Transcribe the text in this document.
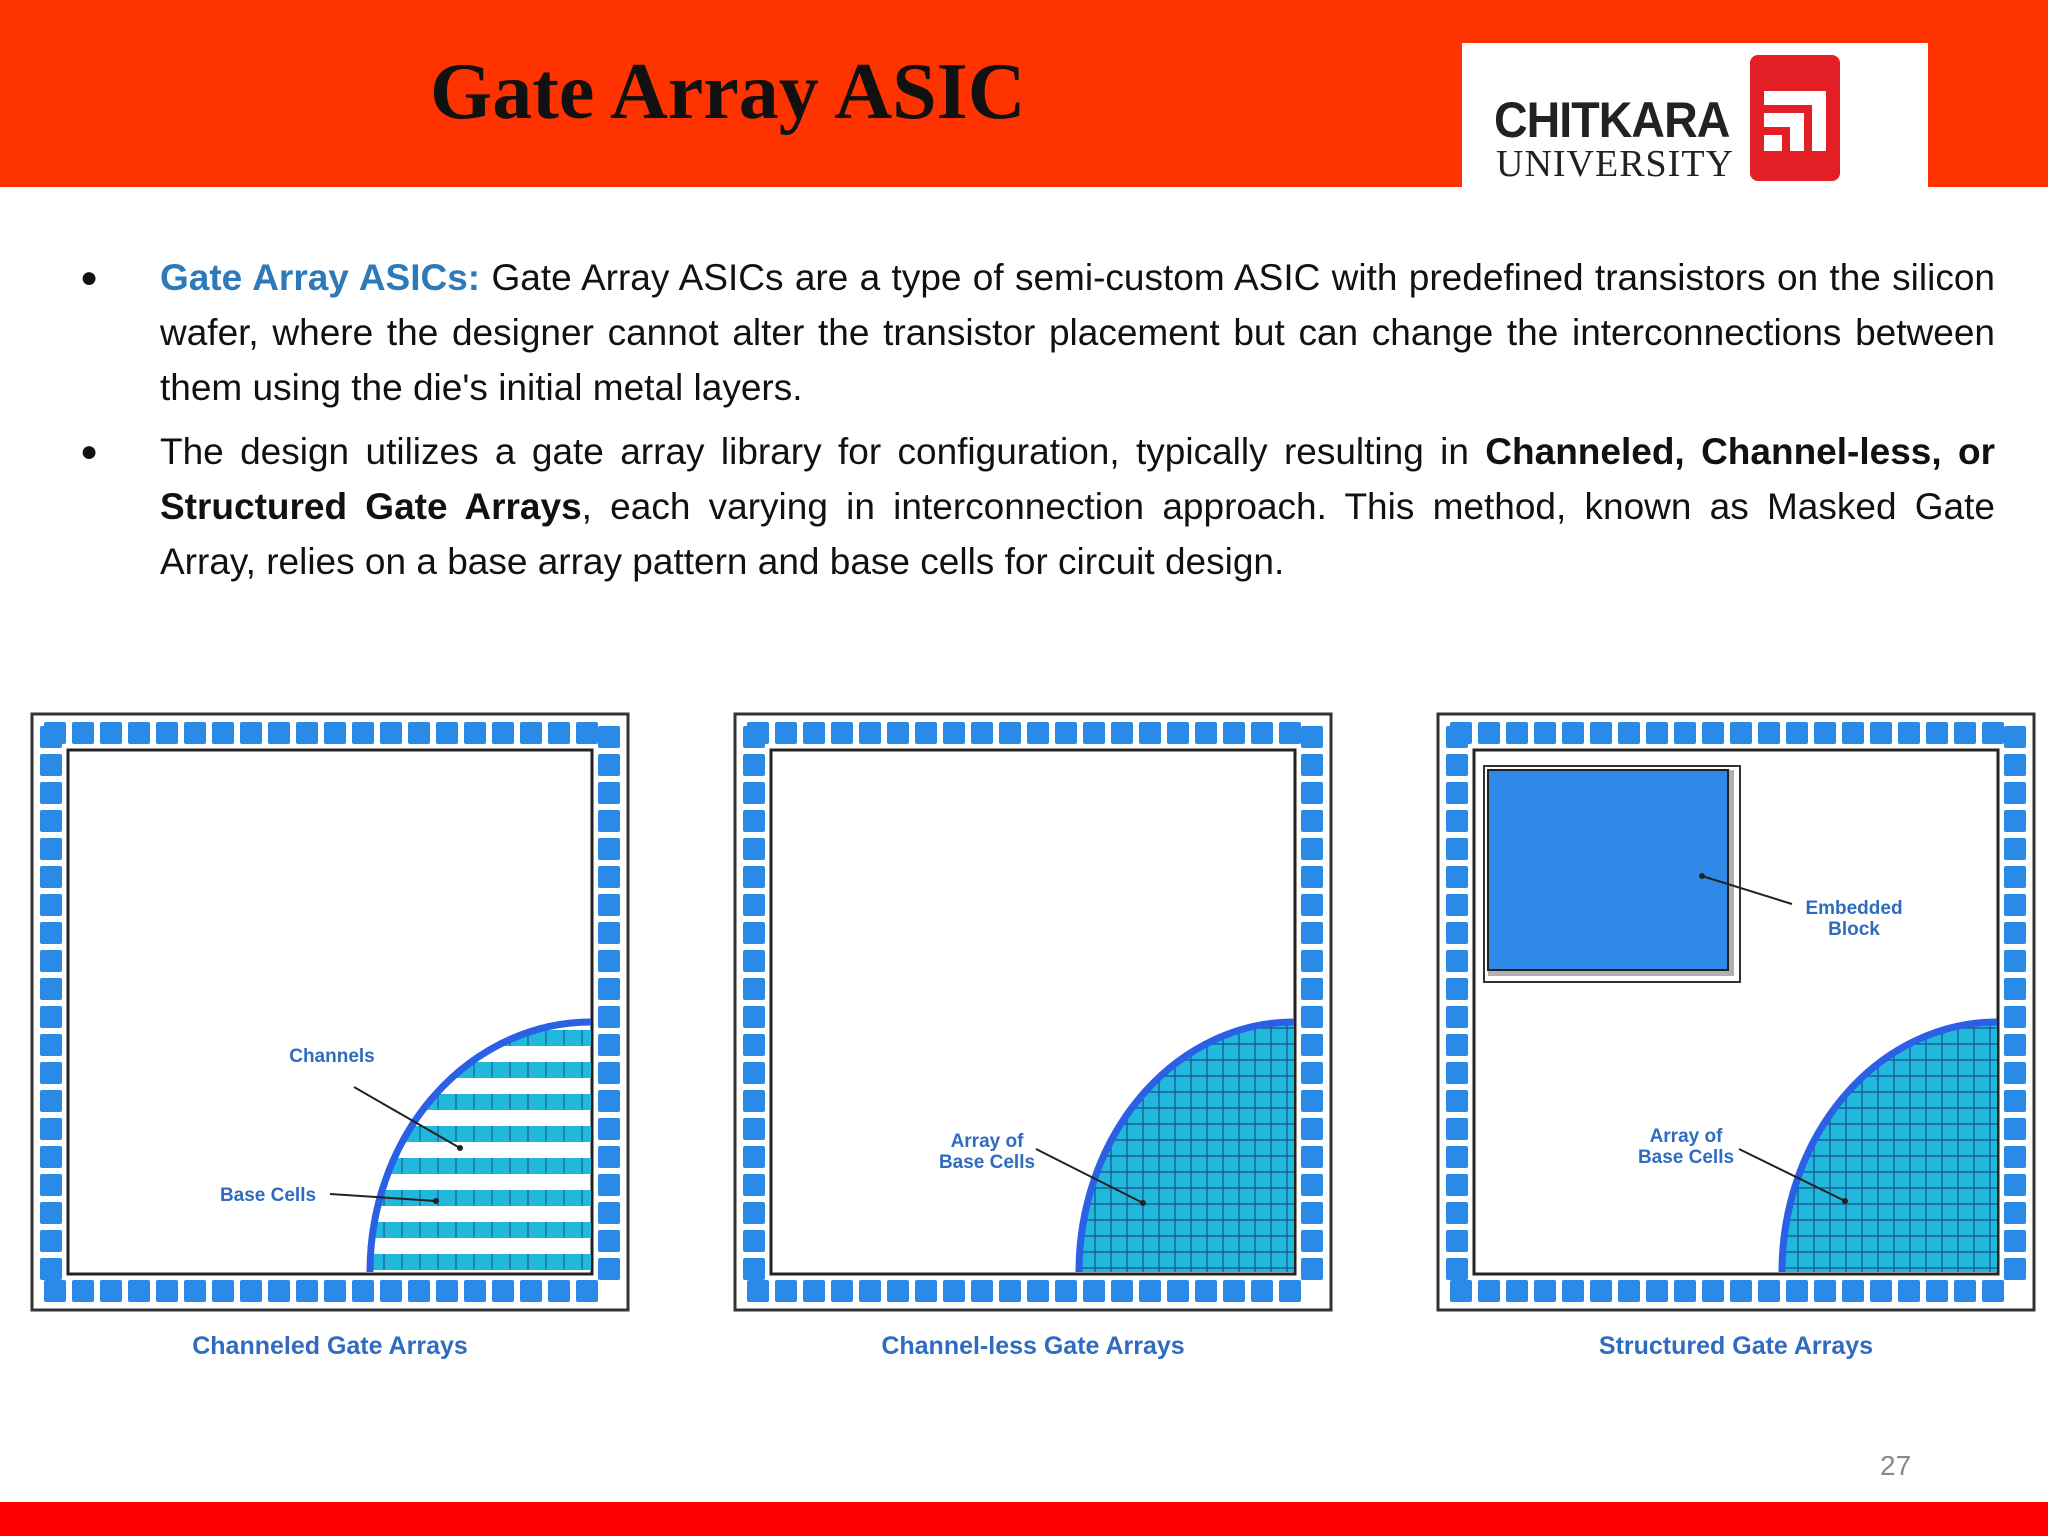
Gate Array ASIC	CHITKARA
UNIVERSITY
● Gate Array ASICs: Gate Array ASICs are a type of semi-custom ASIC with predefined transistors on the silicon wafer, where the designer cannot alter the transistor placement but can change the interconnections between them using the die's initial metal layers.
● The design utilizes a gate array library for configuration, typically resulting in Channeled, Channel-less, or Structured Gate Arrays, each varying in interconnection approach. This method, known as Masked Gate Array, relies on a base array pattern and base cells for circuit design.
Channels
Base Cells
Channeled Gate Arrays
Array of
Base Cells
Channel-less Gate Arrays
Embedded
Block
Array of
Base Cells
Structured Gate Arrays
27
